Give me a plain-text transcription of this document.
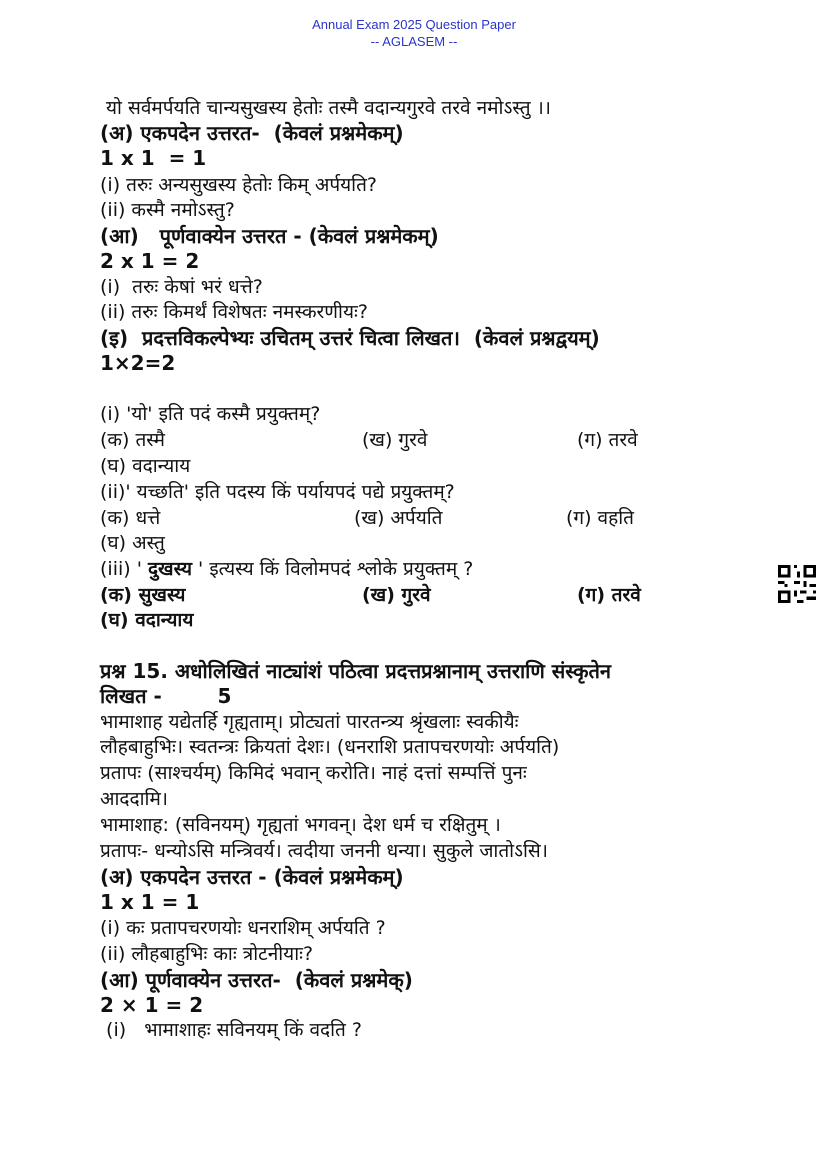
Annual Exam 2025 Question Paper
-- AGLASEM --
यो सर्वमर्पयति चान्यसुखस्य हेतोः तस्मै वदान्यगुरवे तरवे नमोऽस्तु ।।
(अ) एकपदेन उत्तरत-  (केवलं प्रश्नमेकम्)
1 x 1  = 1
(i) तरुः अन्यसुखस्य हेतोः किम् अर्पयति?
(ii) कस्मै नमोऽस्तु?
(आ)   पूर्णवाक्येन उत्तरत - (केवलं प्रश्नमेकम्)
2 x 1 = 2
(i)  तरुः केषां भरं धत्ते?
(ii) तरुः किमर्थं विशेषतः नमस्करणीयः?
(इ)  प्रदत्तविकल्पेभ्यः उचितम् उत्तरं चित्वा लिखत।  (केवलं प्रश्नद्वयम्)
1×2=2
(i) 'यो' इति पदं कस्मै प्रयुक्तम्?
(क) तस्मै	(ख) गुरवे	(ग) तरवे
(घ) वदान्याय
(ii)' यच्छति' इति पदस्य किं पर्यायपदं पद्ये प्रयुक्तम्?
(क) धत्ते	(ख) अर्पयति	(ग) वहति
(घ) अस्तु
(iii) ' दुखस्य ' इत्यस्य किं विलोमपदं श्लोके प्रयुक्तम् ?
(क) सुखस्य	(ख) गुरवे	(ग) तरवे
(घ) वदान्याय
प्रश्न 15. अधोलिखितं नाट्यांशं पठित्वा प्रदत्तप्रश्नानाम् उत्तराणि संस्कृतेन
लिखत -        5
भामाशाह यद्येतर्हि गृह्यताम्। प्रोट्यतां पारतन्त्र्य श्रृंखलाः स्वकीयैः
लौहबाहुभिः। स्वतन्त्रः क्रियतां देशः। (धनराशि प्रतापचरणयोः अर्पयति)
प्रतापः (साश्चर्यम्) किमिदं भवान् करोति। नाहं दत्तां सम्पत्तिं पुनः
आददामि।
भामाशाह: (सविनयम्) गृह्यतां भगवन्। देश धर्म च रक्षितुम् ।
प्रतापः- धन्योऽसि मन्त्रिवर्य। त्वदीया जननी धन्या। सुकुले जातोऽसि।
(अ) एकपदेन उत्तरत - (केवलं प्रश्नमेकम्)
1 x 1 = 1
(i) कः प्रतापचरणयोः धनराशिम् अर्पयति ?
(ii) लौहबाहुभिः काः त्रोटनीयाः?
(आ) पूर्णवाक्येन उत्तरत-  (केवलं प्रश्नमेक्)
2 × 1 = 2
(i)   भामाशाहः सविनयम् किं वदति ?
